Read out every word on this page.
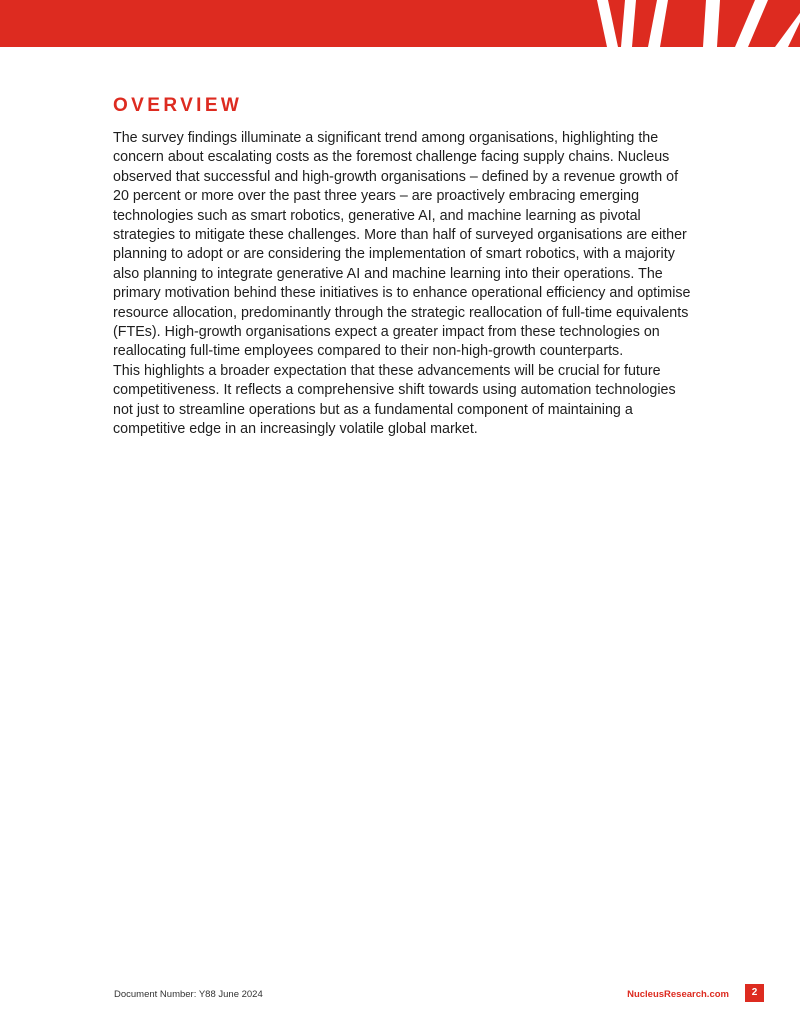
OVERVIEW

The survey findings illuminate a significant trend among organisations, highlighting the
concern about escalating costs as the foremost challenge facing supply chains. Nucleus
observed that successful and high-growth organisations – defined by a revenue growth of
20 percent or more over the past three years – are proactively embracing emerging
technologies such as smart robotics, generative AI, and machine learning as pivotal
strategies to mitigate these challenges. More than half of surveyed organisations are either
planning to adopt or are considering the implementation of smart robotics, with a majority
also planning to integrate generative AI and machine learning into their operations. The
primary motivation behind these initiatives is to enhance operational efficiency and optimise
resource allocation, predominantly through the strategic reallocation of full-time equivalents
(FTEs). High-growth organisations expect a greater impact from these technologies on
reallocating full-time employees compared to their non-high-growth counterparts.
This highlights a broader expectation that these advancements will be crucial for future
competitiveness. It reflects a comprehensive shift towards using automation technologies
not just to streamline operations but as a fundamental component of maintaining a
competitive edge in an increasingly volatile global market.

Document Number: Y88 June 2024	NucleusResearch.com	2
